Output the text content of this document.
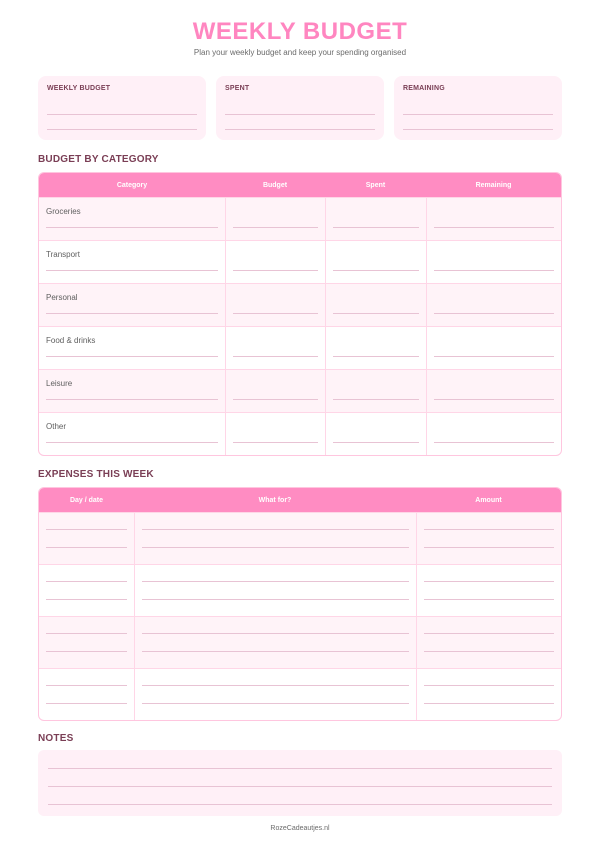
WEEKLY BUDGET
Plan your weekly budget and keep your spending organised
WEEKLY BUDGET	SPENT	REMAINING
BUDGET BY CATEGORY
Category	Budget	Spent	Remaining
Groceries
Transport
Personal
Food & drinks
Leisure
Other
EXPENSES THIS WEEK
Day / date	What for?	Amount
NOTES
RozeCadeautjes.nl
